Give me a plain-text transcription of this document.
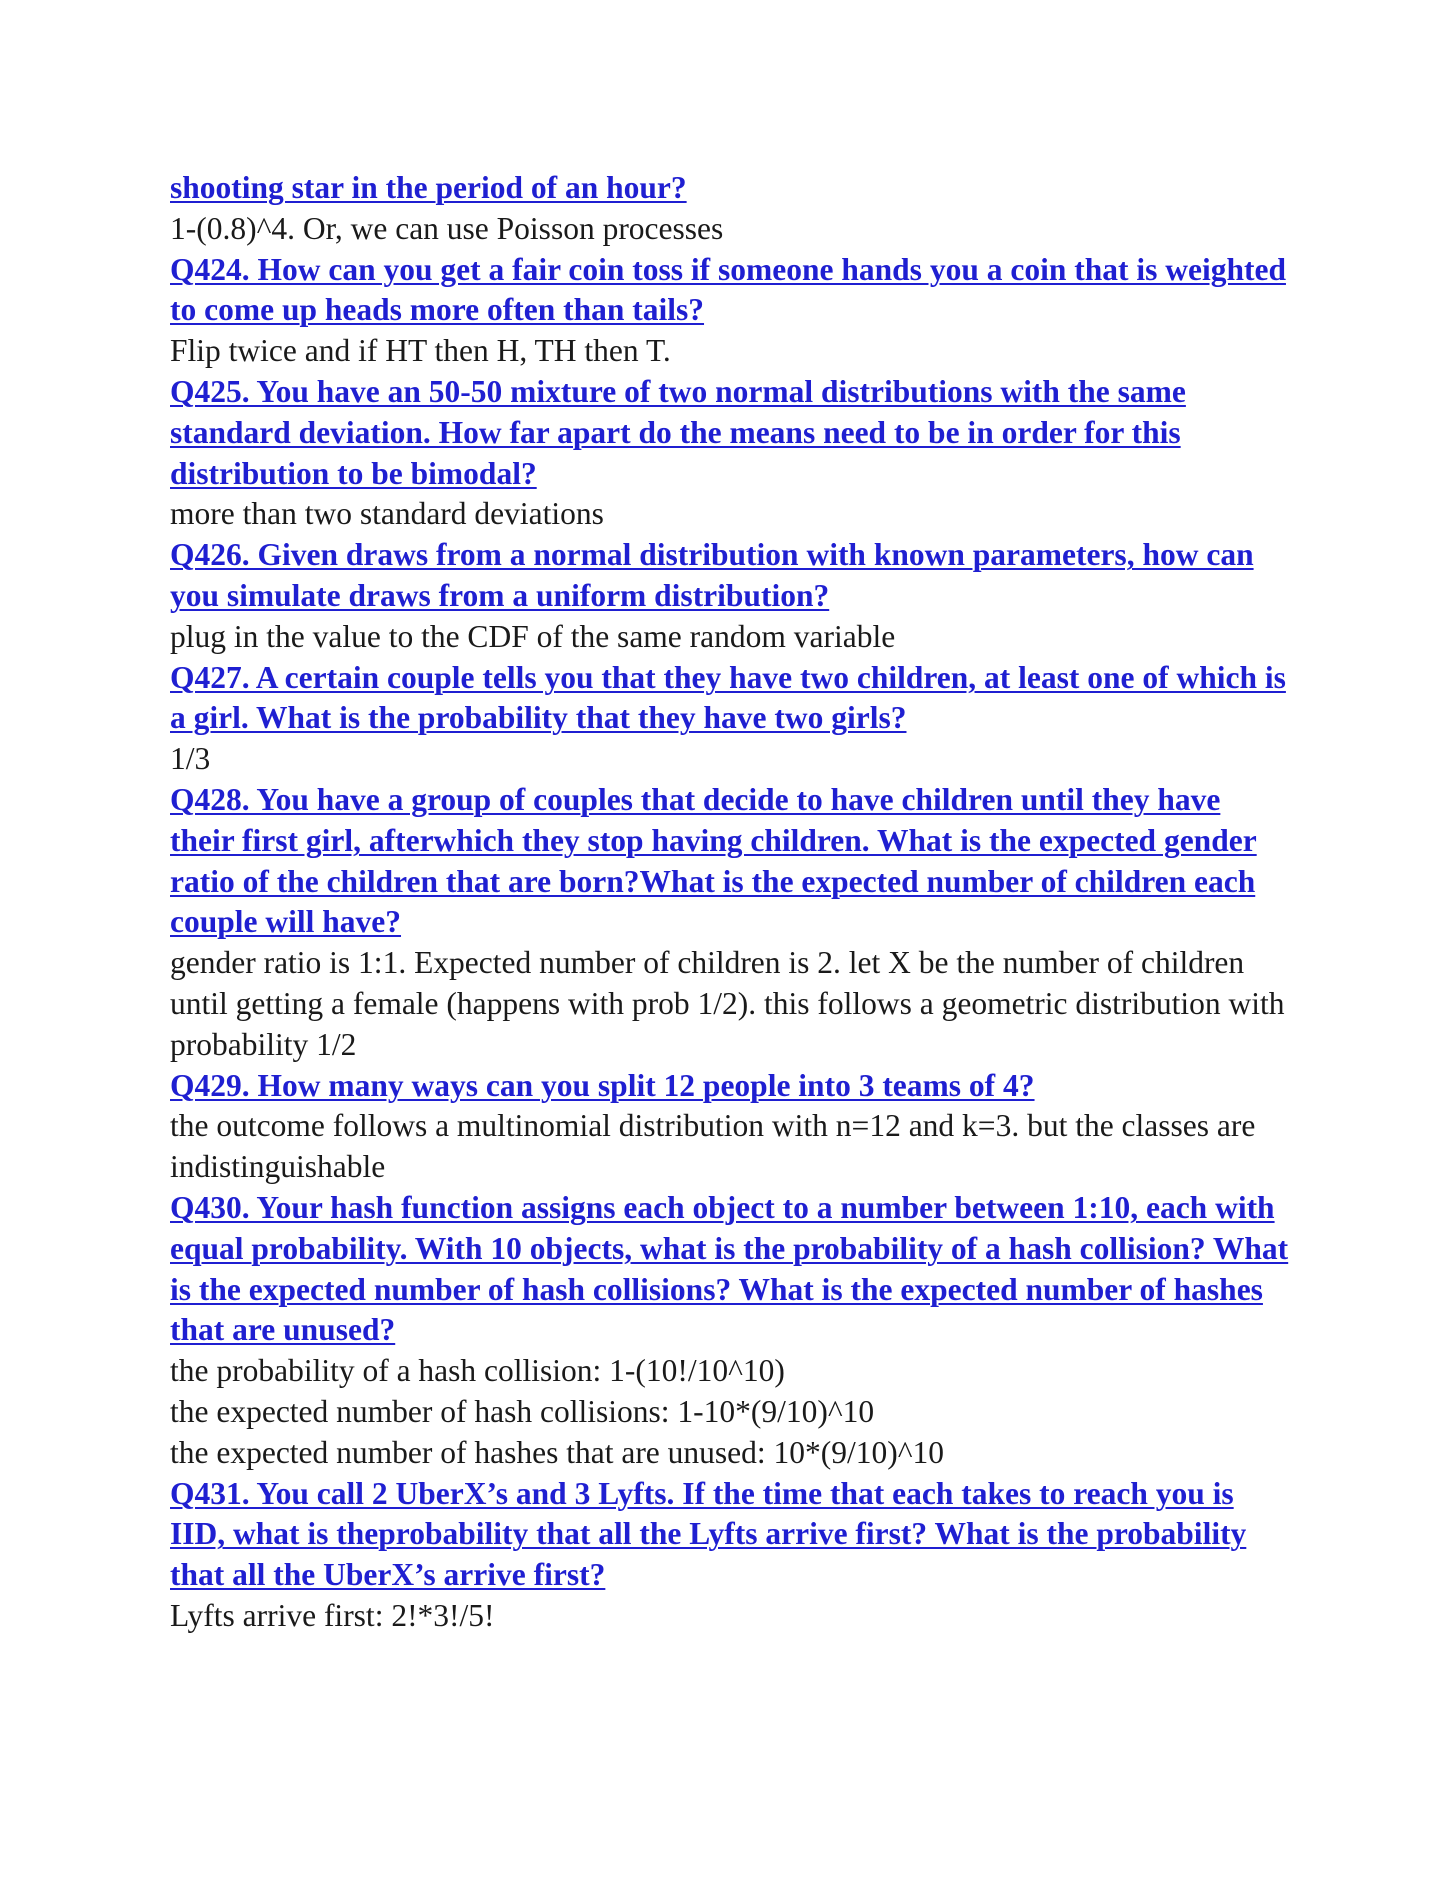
shooting star in the period of an hour?
1-(0.8)^4. Or, we can use Poisson processes
Q424. How can you get a fair coin toss if someone hands you a coin that is weighted to come up heads more often than tails?
Flip twice and if HT then H, TH then T.
Q425. You have an 50-50 mixture of two normal distributions with the same standard deviation. How far apart do the means need to be in order for this distribution to be bimodal?
more than two standard deviations
Q426. Given draws from a normal distribution with known parameters, how can you simulate draws from a uniform distribution?
plug in the value to the CDF of the same random variable
Q427. A certain couple tells you that they have two children, at least one of which is a girl. What is the probability that they have two girls?
1/3
Q428. You have a group of couples that decide to have children until they have their first girl, afterwhich they stop having children. What is the expected gender ratio of the children that are born?What is the expected number of children each couple will have?
gender ratio is 1:1. Expected number of children is 2. let X be the number of children until getting a female (happens with prob 1/2). this follows a geometric distribution with probability 1/2
Q429. How many ways can you split 12 people into 3 teams of 4?
the outcome follows a multinomial distribution with n=12 and k=3. but the classes are indistinguishable
Q430. Your hash function assigns each object to a number between 1:10, each with equal probability. With 10 objects, what is the probability of a hash collision? What is the expected number of hash collisions? What is the expected number of hashes that are unused?
the probability of a hash collision: 1-(10!/10^10)
the expected number of hash collisions: 1-10*(9/10)^10
the expected number of hashes that are unused: 10*(9/10)^10
Q431. You call 2 UberX’s and 3 Lyfts. If the time that each takes to reach you is IID, what is theprobability that all the Lyfts arrive first? What is the probability that all the UberX’s arrive first?
Lyfts arrive first: 2!*3!/5!
